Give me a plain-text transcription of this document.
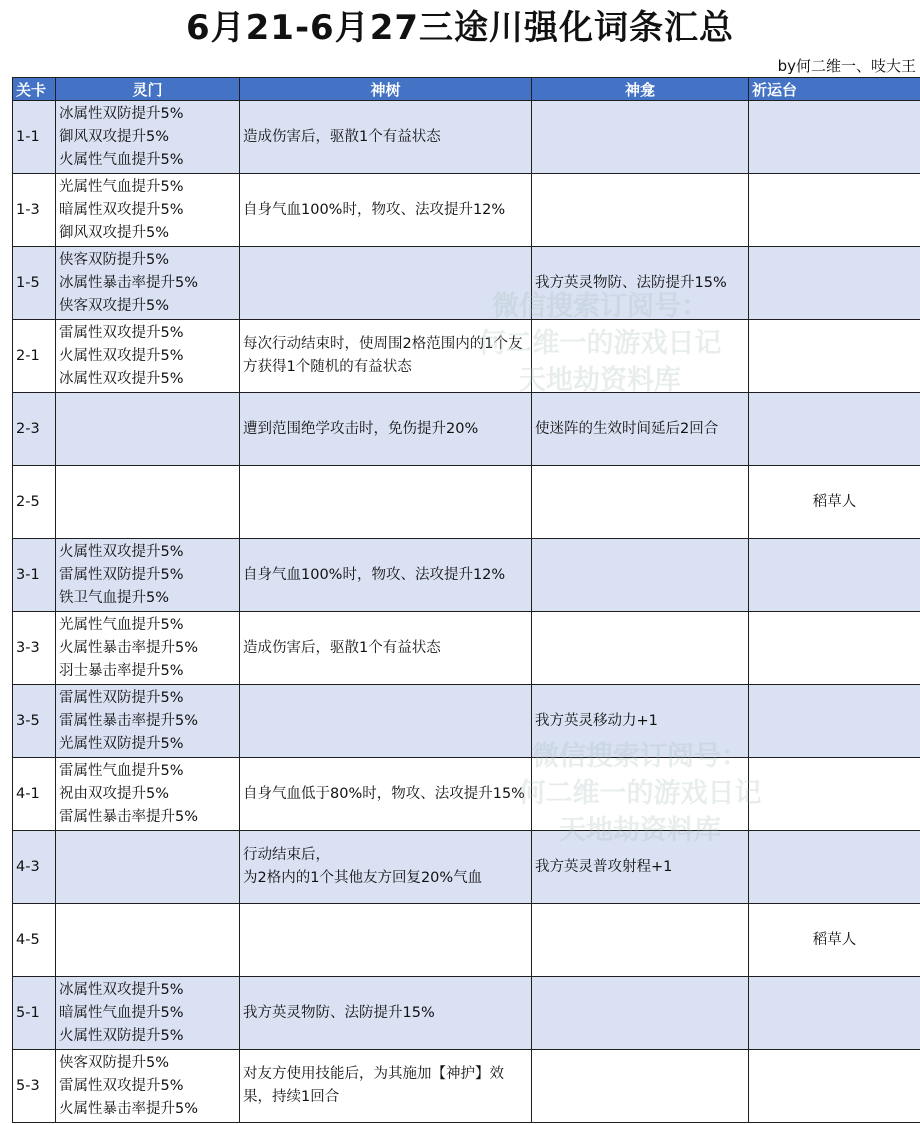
6月21-6月27三途川强化词条汇总
by何二维一、吱大王
关卡	灵门	神树	神龛	祈运台
1-1	冰属性双防提升5%
御风双攻提升5%
火属性气血提升5%	造成伤害后，驱散1个有益状态		

1-3	光属性气血提升5%
暗属性双攻提升5%
御风双攻提升5%	自身气血100%时，物攻、法攻提升12%		

1-5	侠客双防提升5%
冰属性暴击率提升5%
侠客双攻提升5%		我方英灵物防、法防提升15%	

2-1	雷属性双攻提升5%
火属性双攻提升5%
冰属性双攻提升5%	每次行动结束时，使周围2格范围内的1个友方获得1个随机的有益状态		

2-3		遭到范围绝学攻击时，免伤提升20%	使迷阵的生效时间延后2回合	

2-5				稻草人
3-1	火属性双攻提升5%
雷属性双防提升5%
铁卫气血提升5%	自身气血100%时，物攻、法攻提升12%		

3-3	光属性气血提升5%
火属性暴击率提升5%
羽士暴击率提升5%	造成伤害后，驱散1个有益状态		

3-5	雷属性双防提升5%
雷属性暴击率提升5%
光属性双防提升5%		我方英灵移动力+1	

4-1	雷属性气血提升5%
祝由双攻提升5%
雷属性暴击率提升5%	自身气血低于80%时，物攻、法攻提升15%		

4-3		行动结束后，
为2格内的1个其他友方回复20%气血	我方英灵普攻射程+1	

4-5				稻草人
5-1	冰属性双攻提升5%
暗属性气血提升5%
火属性双防提升5%	我方英灵物防、法防提升15%		

5-3	侠客双防提升5%
雷属性双攻提升5%
火属性暴击率提升5%	对友方使用技能后，为其施加【神护】效果，持续1回合		

微信搜索订阅号：
何二维一的游戏日记
天地劫资料库
微信搜索订阅号：
何二维一的游戏日记
天地劫资料库
